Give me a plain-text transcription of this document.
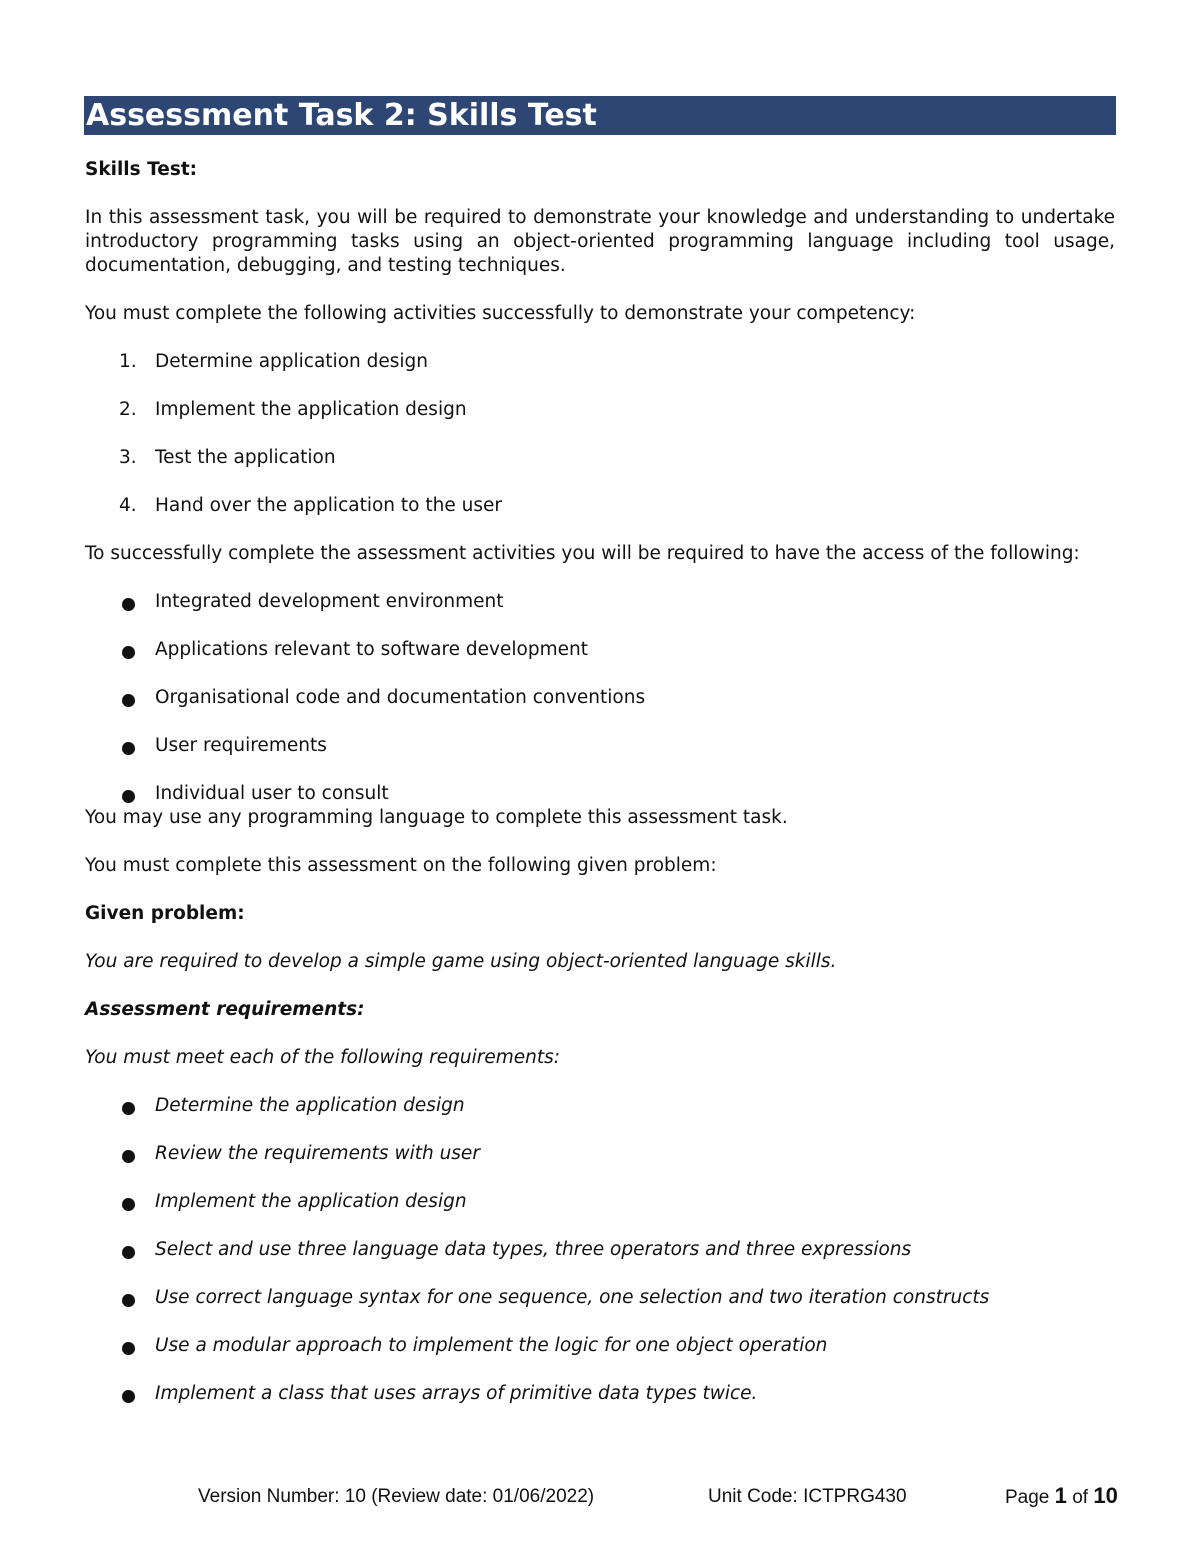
Assessment Task 2: Skills Test

Skills Test:

In this assessment task, you will be required to demonstrate your knowledge and understanding to undertake introductory programming tasks using an object-oriented programming language including tool usage, documentation, debugging, and testing techniques.

You must complete the following activities successfully to demonstrate your competency:

1. Determine application design
2. Implement the application design
3. Test the application
4. Hand over the application to the user

To successfully complete the assessment activities you will be required to have the access of the following:

Integrated development environment
Applications relevant to software development
Organisational code and documentation conventions
User requirements
Individual user to consult

You may use any programming language to complete this assessment task.

You must complete this assessment on the following given problem:

Given problem:

You are required to develop a simple game using object-oriented language skills.

Assessment requirements:

You must meet each of the following requirements:

Determine the application design
Review the requirements with user
Implement the application design
Select and use three language data types, three operators and three expressions
Use correct language syntax for one sequence, one selection and two iteration constructs
Use a modular approach to implement the logic for one object operation
Implement a class that uses arrays of primitive data types twice.
Version Number: 10 (Review date: 01/06/2022)	Unit Code: ICTPRG430	Page 1 of 10
